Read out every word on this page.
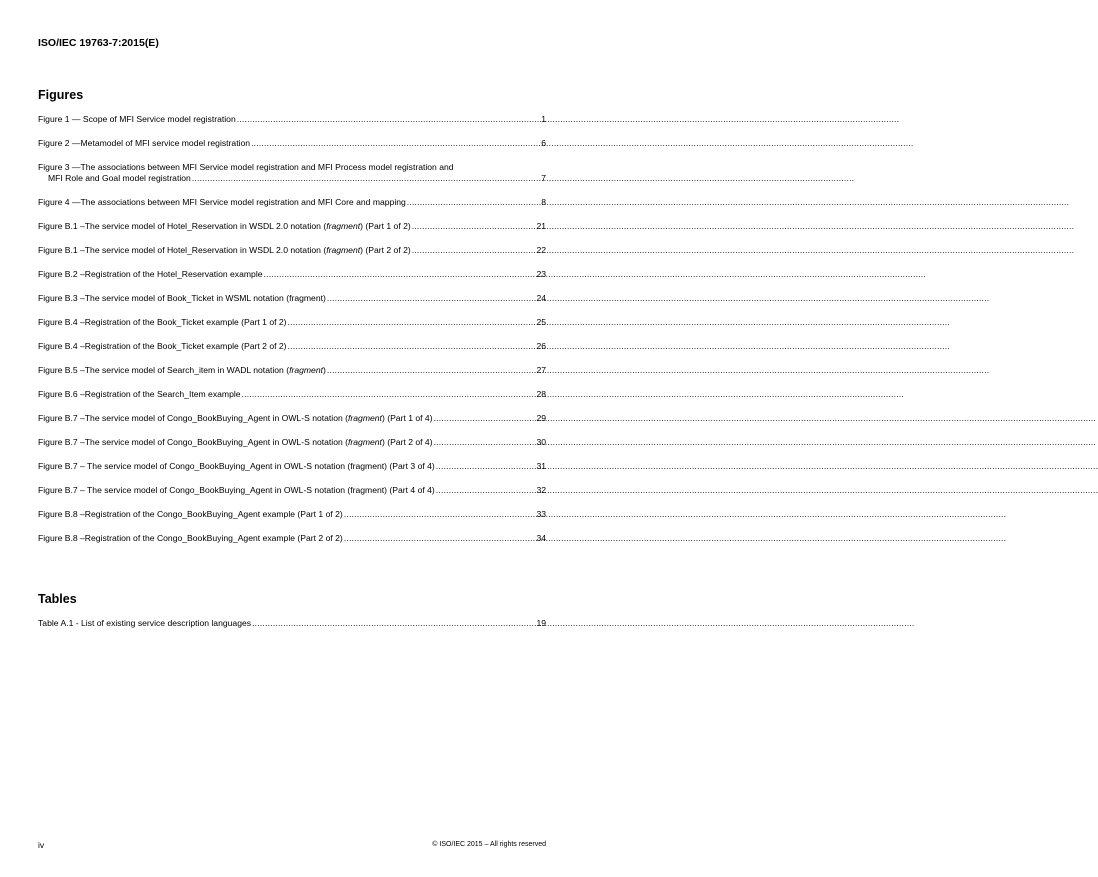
ISO/IEC 19763-7:2015(E)
Figures
Figure 1 — Scope of MFI Service model registration .....	1
Figure 2 —Metamodel of MFI service model registration .....	6
Figure 3 —The associations between MFI Service model registration and MFI Process model registration and
MFI Role and Goal model registration .....	7
Figure 4 —The associations between MFI Service model registration and MFI Core and mapping .....	8
Figure B.1 –The service model of Hotel_Reservation in WSDL 2.0 notation (fragment) (Part 1 of 2) .....	21
Figure B.1 –The service model of Hotel_Reservation in WSDL 2.0 notation (fragment) (Part 2 of 2) .....	22
Figure B.2 –Registration of the Hotel_Reservation example .....	23
Figure B.3 –The service model of Book_Ticket in WSML notation (fragment) .....	24
Figure B.4 –Registration of the Book_Ticket example (Part 1 of 2) .....	25
Figure B.4 –Registration of the Book_Ticket example (Part 2 of 2) .....	26
Figure B.5 –The service model of Search_item in WADL notation (fragment) .....	27
Figure B.6 –Registration of the Search_Item example .....	28
Figure B.7 –The service model of Congo_BookBuying_Agent in OWL-S notation (fragment) (Part 1 of 4) .....	29
Figure B.7 –The service model of Congo_BookBuying_Agent in OWL-S notation (fragment) (Part 2 of 4) .....	30
Figure B.7 – The service model of Congo_BookBuying_Agent in OWL-S notation (fragment) (Part 3 of 4) .....	31
Figure B.7 – The service model of Congo_BookBuying_Agent in OWL-S notation (fragment) (Part 4 of 4) .....	32
Figure B.8 –Registration of the Congo_BookBuying_Agent example (Part 1 of 2) .....	33
Figure B.8 –Registration of the Congo_BookBuying_Agent example (Part 2 of 2) .....	34
Tables
Table A.1 - List of existing service description languages .....	19
iv	© ISO/IEC 2015 – All rights reserved
